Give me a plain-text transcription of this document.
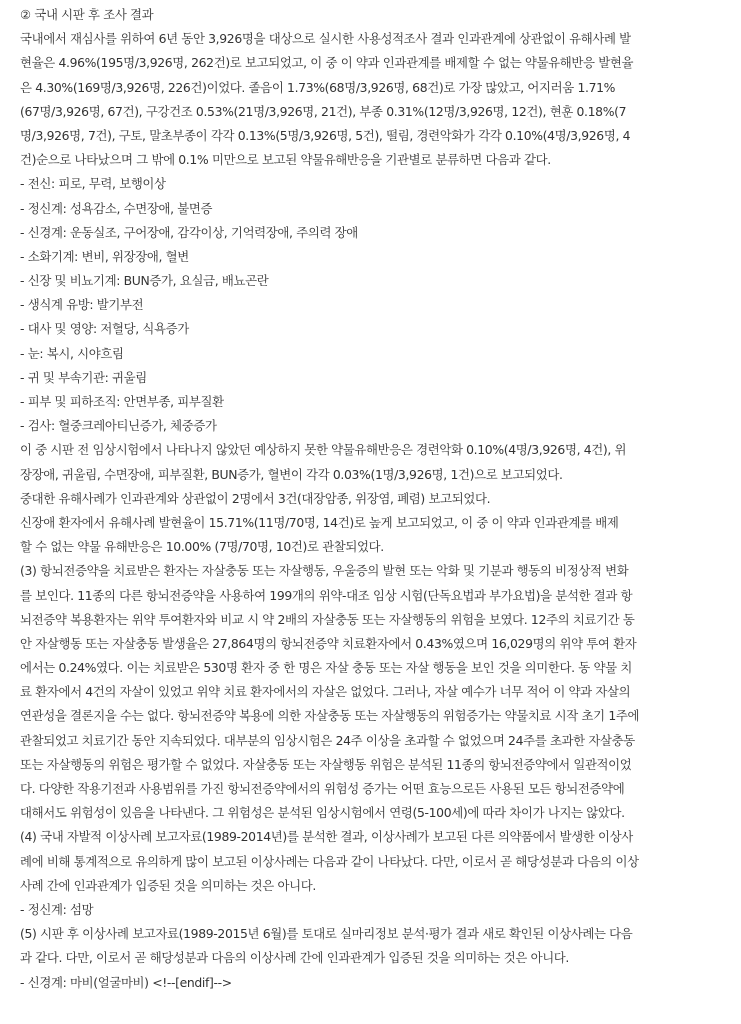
② 국내 시판 후 조사 결과
국내에서 재심사를 위하여 6년 동안 3,926명을 대상으로 실시한 사용성적조사 결과 인과관계에 상관없이 유해사례 발
현율은 4.96%(195명/3,926명, 262건)로 보고되었고, 이 중 이 약과 인과관계를 배제할 수 없는 약물유해반응 발현율
은 4.30%(169명/3,926명, 226건)이었다. 졸음이 1.73%(68명/3,926명, 68건)로 가장 많았고, 어지러움 1.71%
(67명/3,926명, 67건), 구강건조 0.53%(21명/3,926명, 21건), 부종 0.31%(12명/3,926명, 12건), 현훈 0.18%(7
명/3,926명, 7건), 구토, 말초부종이 각각 0.13%(5명/3,926명, 5건), 떨림, 경련악화가 각각 0.10%(4명/3,926명, 4
건)순으로 나타났으며 그 밖에 0.1% 미만으로 보고된 약물유해반응을 기관별로 분류하면 다음과 같다.
- 전신: 피로, 무력, 보행이상
- 정신계: 성욕감소, 수면장애, 불면증
- 신경계: 운동실조, 구어장애, 감각이상, 기억력장애, 주의력 장애
- 소화기계: 변비, 위장장애, 혈변
- 신장 및 비뇨기계: BUN증가, 요실금, 배뇨곤란
- 생식계 유방: 발기부전
- 대사 및 영양: 저혈당, 식욕증가
- 눈: 복시, 시야흐림
- 귀 및 부속기관: 귀울림
- 피부 및 피하조직: 안면부종, 피부질환
- 검사: 혈중크레아티닌증가, 체중증가
이 중 시판 전 임상시험에서 나타나지 않았던 예상하지 못한 약물유해반응은 경련악화 0.10%(4명/3,926명, 4건), 위
장장애, 귀울림, 수면장애, 피부질환, BUN증가, 혈변이 각각 0.03%(1명/3,926명, 1건)으로 보고되었다.
중대한 유해사례가 인과관계와 상관없이 2명에서 3건(대장암종, 위장염, 폐렴) 보고되었다.
신장애 환자에서 유해사례 발현율이 15.71%(11명/70명, 14건)로 높게 보고되었고, 이 중 이 약과 인과관계를 배제
할 수 없는 약물 유해반응은 10.00% (7명/70명, 10건)로 관찰되었다.
(3) 항뇌전증약을 치료받은 환자는 자살충동 또는 자살행동, 우울증의 발현 또는 악화 및 기분과 행동의 비정상적 변화
를 보인다. 11종의 다른 항뇌전증약을 사용하여 199개의 위약-대조 임상 시험(단독요법과 부가요법)을 분석한 결과 항
뇌전증약 복용환자는 위약 투여환자와 비교 시 약 2배의 자살충동 또는 자살행동의 위험을 보였다. 12주의 치료기간 동
안 자살행동 또는 자살충동 발생율은 27,864명의 항뇌전증약 치료환자에서 0.43%였으며 16,029명의 위약 투여 환자
에서는 0.24%였다. 이는 치료받은 530명 환자 중 한 명은 자살 충동 또는 자살 행동을 보인 것을 의미한다. 동 약물 치
료 환자에서 4건의 자살이 있었고 위약 치료 환자에서의 자살은 없었다. 그러나, 자살 예수가 너무 적어 이 약과 자살의
연관성을 결론지을 수는 없다. 항뇌전증약 복용에 의한 자살충동 또는 자살행동의 위험증가는 약물치료 시작 초기 1주에
관찰되었고 치료기간 동안 지속되었다. 대부분의 임상시험은 24주 이상을 초과할 수 없었으며 24주를 초과한 자살충동
또는 자살행동의 위험은 평가할 수 없었다. 자살충동 또는 자살행동 위험은 분석된 11종의 항뇌전증약에서 일관적이었
다. 다양한 작용기전과 사용범위를 가진 항뇌전증약에서의 위험성 증가는 어떤 효능으로든 사용된 모든 항뇌전증약에
대해서도 위험성이 있음을 나타낸다. 그 위험성은 분석된 임상시험에서 연령(5-100세)에 따라 차이가 나지는 않았다.
(4) 국내 자발적 이상사례 보고자료(1989-2014년)를 분석한 결과, 이상사례가 보고된 다른 의약품에서 발생한 이상사
례에 비해 통계적으로 유의하게 많이 보고된 이상사례는 다음과 같이 나타났다. 다만, 이로서 곧 해당성분과 다음의 이상
사례 간에 인과관계가 입증된 것을 의미하는 것은 아니다.
- 정신계: 섬망
(5) 시판 후 이상사례 보고자료(1989-2015년 6월)를 토대로 실마리정보 분석·평가 결과 새로 확인된 이상사례는 다음
과 같다. 다만, 이로서 곧 해당성분과 다음의 이상사례 간에 인과관계가 입증된 것을 의미하는 것은 아니다.
- 신경계: 마비(얼굴마비) <!--[endif]-->
